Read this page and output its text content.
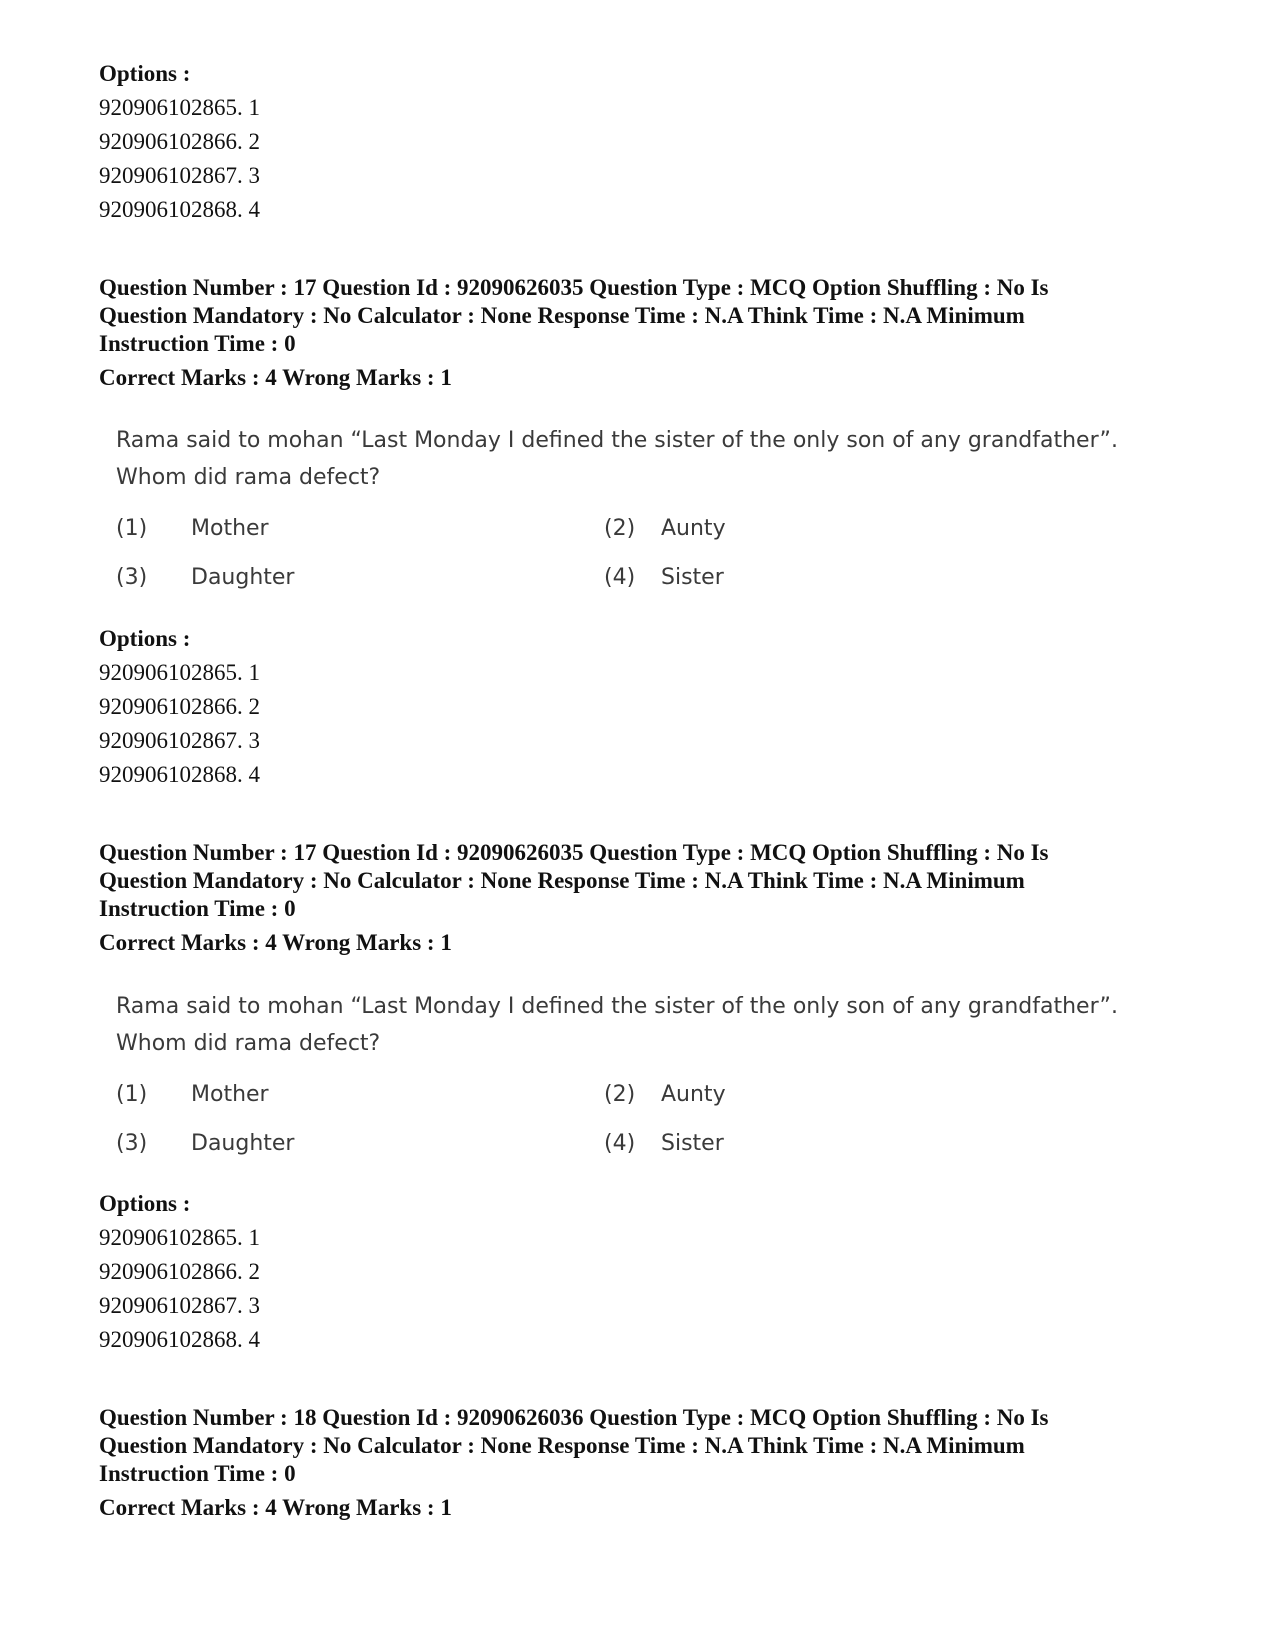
Options :
920906102865. 1
920906102866. 2
920906102867. 3
920906102868. 4
Question Number : 17 Question Id : 92090626035 Question Type : MCQ Option Shuffling : No Is
Question Mandatory : No Calculator : None Response Time : N.A Think Time : N.A Minimum
Instruction Time : 0
Correct Marks : 4 Wrong Marks : 1
Rama said to mohan “Last Monday I defined the sister of the only son of any grandfather”.
Whom did rama defect?
(1) Mother	(2) Aunty
(3) Daughter	(4) Sister
Options :
920906102865. 1
920906102866. 2
920906102867. 3
920906102868. 4
Question Number : 17 Question Id : 92090626035 Question Type : MCQ Option Shuffling : No Is
Question Mandatory : No Calculator : None Response Time : N.A Think Time : N.A Minimum
Instruction Time : 0
Correct Marks : 4 Wrong Marks : 1
Rama said to mohan “Last Monday I defined the sister of the only son of any grandfather”.
Whom did rama defect?
(1) Mother	(2) Aunty
(3) Daughter	(4) Sister
Options :
920906102865. 1
920906102866. 2
920906102867. 3
920906102868. 4
Question Number : 18 Question Id : 92090626036 Question Type : MCQ Option Shuffling : No Is
Question Mandatory : No Calculator : None Response Time : N.A Think Time : N.A Minimum
Instruction Time : 0
Correct Marks : 4 Wrong Marks : 1
